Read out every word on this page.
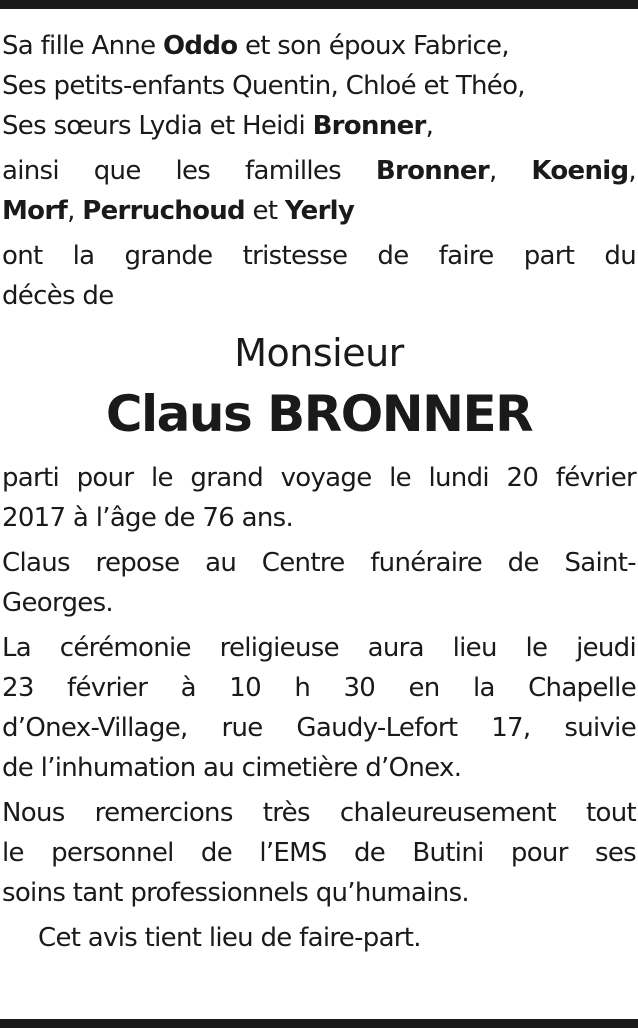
Sa fille Anne Oddo et son époux Fabrice,
Ses petits-enfants Quentin, Chloé et Théo,
Ses sœurs Lydia et Heidi Bronner,
ainsi que les familles Bronner, Koenig,
Morf, Perruchoud et Yerly
ont la grande tristesse de faire part du
décès de
Monsieur
Claus BRONNER
parti pour le grand voyage le lundi 20 février
2017 à l’âge de 76 ans.
Claus repose au Centre funéraire de Saint-
Georges.
La cérémonie religieuse aura lieu le jeudi
23 février à 10 h 30 en la Chapelle
d’Onex-Village, rue Gaudy-Lefort 17, suivie
de l’inhumation au cimetière d’Onex.
Nous remercions très chaleureusement tout
le personnel de l’EMS de Butini pour ses
soins tant professionnels qu’humains.
Cet avis tient lieu de faire-part.
